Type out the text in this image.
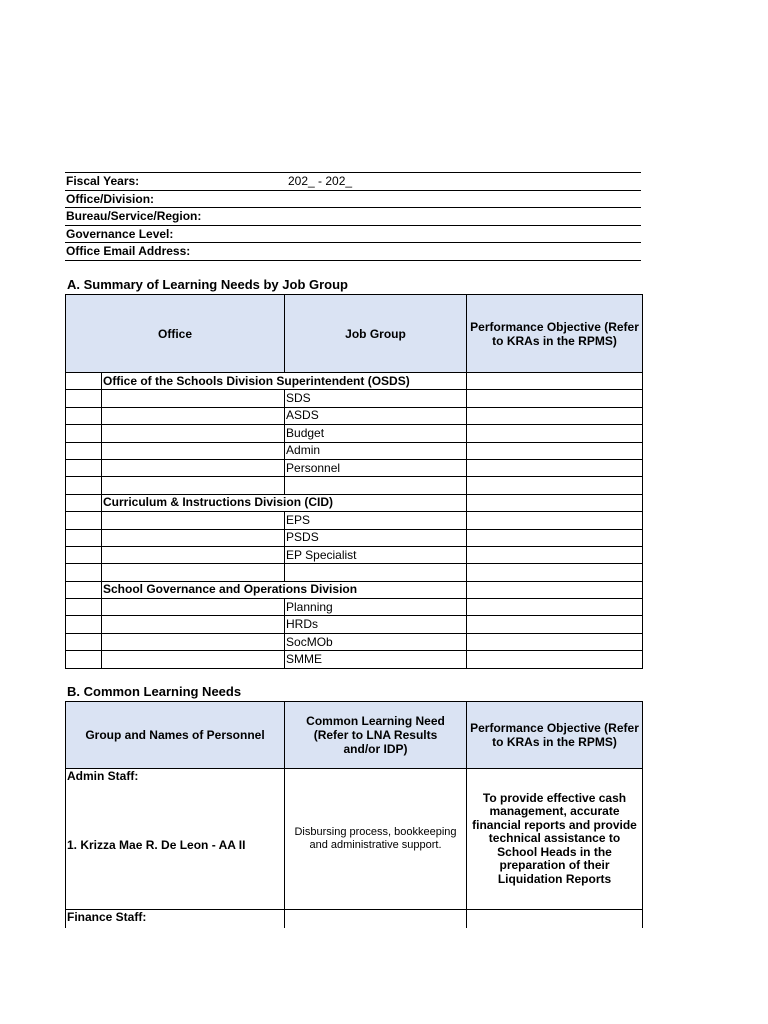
Fiscal Years:	202_ - 202_
Office/Division:
Bureau/Service/Region:
Governance Level:
Office Email Address:
A. Summary of Learning Needs by Job Group
Office		Job Group	Performance Objective (Refer to KRAs in the RPMS)
	Office of the Schools Division Superintendent (OSDS)		
		SDS	
		ASDS	
		Budget	
		Admin	
		Personnel	

	Curriculum & Instructions Division (CID)		
		EPS	
		PSDS	
		EP Specialist	

	School Governance and Operations Division		
		Planning	
		HRDs	
		SocMOb	
		SMME	
B. Common Learning Needs
Group and Names of Personnel	Common Learning Need (Refer to LNA Results and/or IDP)	Performance Objective (Refer to KRAs in the RPMS)

Admin Staff:
1. Krizza Mae R. De Leon - AA II	Disbursing process, bookkeeping and administrative support.	To provide effective cash management, accurate financial reports and provide technical assistance to School Heads in the preparation of their Liquidation Reports
Finance Staff:		
